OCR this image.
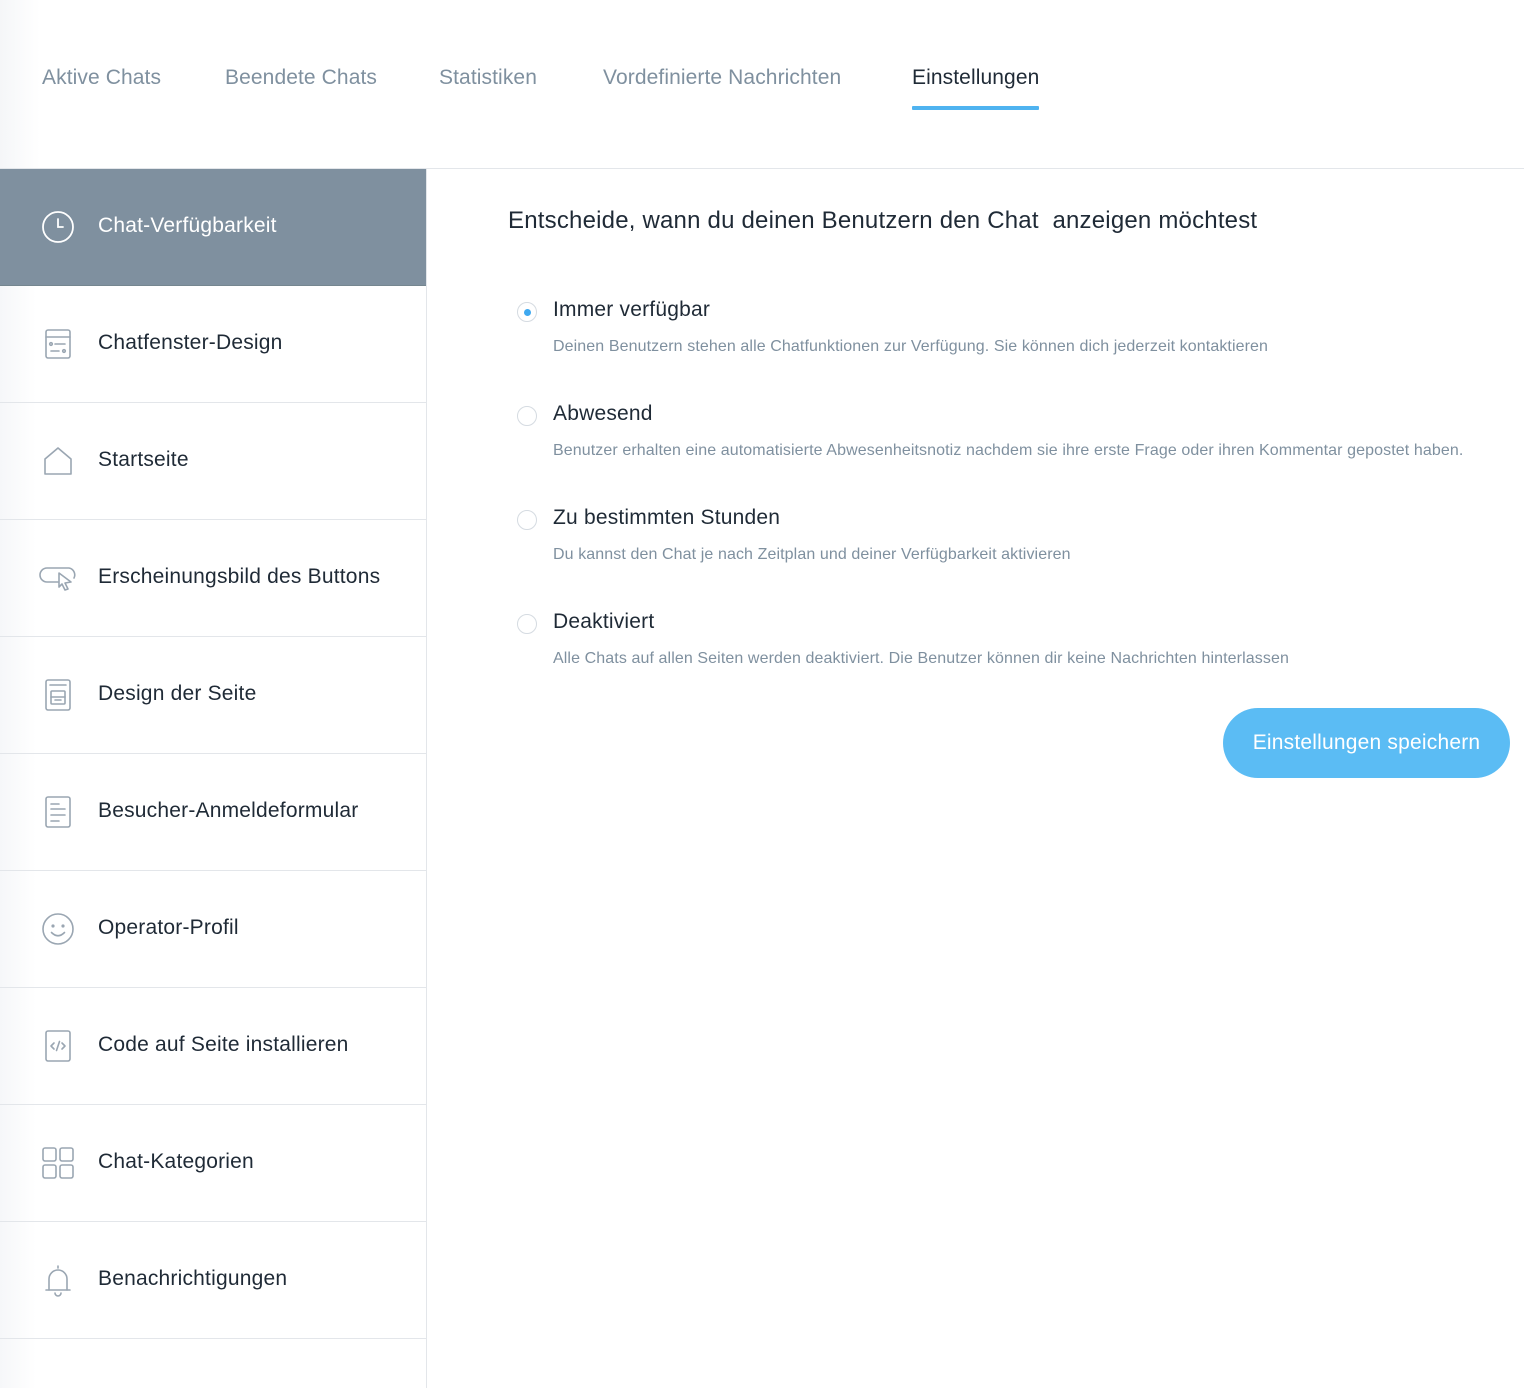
Aktive Chats	Beendete Chats	Statistiken	Vordefinierte Nachrichten	Einstellungen
Chat-Verfügbarkeit
Chatfenster-Design
Startseite
Erscheinungsbild des Buttons
Design der Seite
Besucher-Anmeldeformular
Operator-Profil
Code auf Seite installieren
Chat-Kategorien
Benachrichtigungen
Entscheide, wann du deinen Benutzern den Chat  anzeigen möchtest
Immer verfügbar
Deinen Benutzern stehen alle Chatfunktionen zur Verfügung. Sie können dich jederzeit kontaktieren
Abwesend
Benutzer erhalten eine automatisierte Abwesenheitsnotiz nachdem sie ihre erste Frage oder ihren Kommentar gepostet haben.
Zu bestimmten Stunden
Du kannst den Chat je nach Zeitplan und deiner Verfügbarkeit aktivieren
Deaktiviert
Alle Chats auf allen Seiten werden deaktiviert. Die Benutzer können dir keine Nachrichten hinterlassen
Einstellungen speichern
